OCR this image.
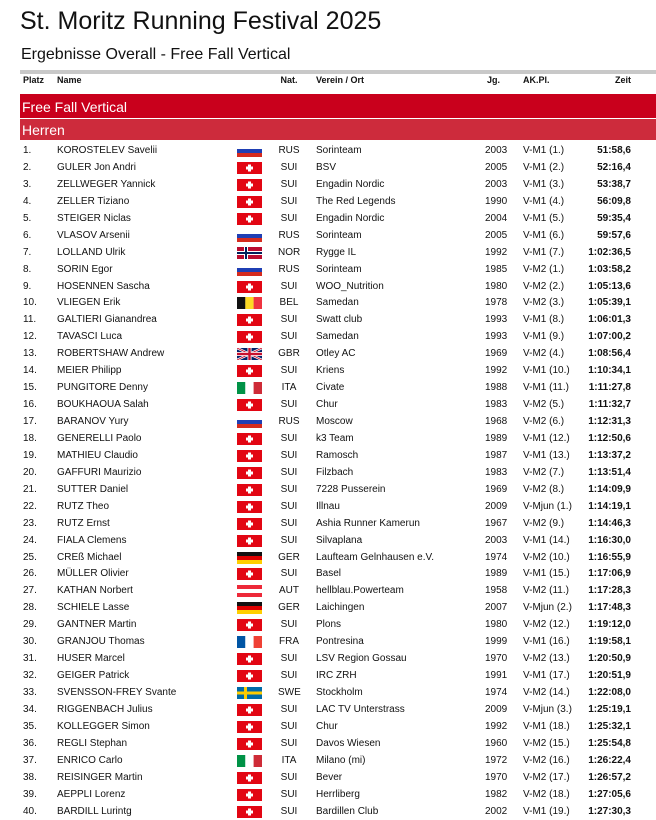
St. Moritz Running Festival 2025
Ergebnisse Overall - Free Fall Vertical
Platz Name	Nat. Verein / Ort	Jg.	AK.Pl.	Zeit
Free Fall Vertical
Herren
1.	KOROSTELEV Savelii	RUS Sorinteam	2003 V-M1 (1.)	51:58,6
2.	GULER Jon Andri	SUI BSV	2005 V-M1 (2.)	52:16,4
3.	ZELLWEGER Yannick	SUI Engadin Nordic	2003 V-M1 (3.)	53:38,7
4.	ZELLER Tiziano	SUI The Red Legends	1990 V-M1 (4.)	56:09,8
5.	STEIGER Niclas	SUI Engadin Nordic	2004 V-M1 (5.)	59:35,4
6.	VLASOV Arsenii	RUS Sorinteam	2005 V-M1 (6.)	59:57,6
7.	LOLLAND Ulrik	NOR Rygge IL	1992 V-M1 (7.) 1:02:36,5
8.	SORIN Egor	RUS Sorinteam	1985 V-M2 (1.) 1:03:58,2
9.	HOSENNEN Sascha	SUI WOO_Nutrition	1980 V-M2 (2.) 1:05:13,6
10. VLIEGEN Erik	BEL Samedan	1978 V-M2 (3.) 1:05:39,1
11. GALTIERI Gianandrea	SUI Swatt club	1993 V-M1 (8.) 1:06:01,3
12. TAVASCI Luca	SUI Samedan	1993 V-M1 (9.) 1:07:00,2
13. ROBERTSHAW Andrew	GBR Otley AC	1969 V-M2 (4.) 1:08:56,4
14. MEIER Philipp	SUI Kriens	1992 V-M1 (10.) 1:10:34,1
15. PUNGITORE Denny	ITA	Civate	1988 V-M1 (11.) 1:11:27,8
16. BOUKHAOUA Salah	SUI Chur	1983 V-M2 (5.) 1:11:32,7
17. BARANOV Yury	RUS Moscow	1968 V-M2 (6.) 1:12:31,3
18. GENERELLI Paolo	SUI k3 Team	1989 V-M1 (12.) 1:12:50,6
19. MATHIEU Claudio	SUI Ramosch	1987 V-M1 (13.) 1:13:37,2
20. GAFFURI Maurizio	SUI Filzbach	1983 V-M2 (7.) 1:13:51,4
21. SUTTER Daniel	SUI 7228 Pusserein	1969 V-M2 (8.) 1:14:09,9
22. RUTZ Theo	SUI Illnau	2009 V-Mjun (1.) 1:14:19,1
23. RUTZ Ernst	SUI Ashia Runner Kamerun	1967 V-M2 (9.) 1:14:46,3
24. FIALA Clemens	SUI Silvaplana	2003 V-M1 (14.) 1:16:30,0
25. CREß Michael	GER Laufteam Gelnhausen e.V.	1974 V-M2 (10.) 1:16:55,9
26. MÜLLER Olivier	SUI Basel	1989 V-M1 (15.) 1:17:06,9
27. KATHAN Norbert	AUT hellblau.Powerteam	1958 V-M2 (11.) 1:17:28,3
28. SCHIELE Lasse	GER Laichingen	2007 V-Mjun (2.) 1:17:48,3
29. GANTNER Martin	SUI Plons	1980 V-M2 (12.) 1:19:12,0
30. GRANJOU Thomas	FRA Pontresina	1999 V-M1 (16.) 1:19:58,1
31. HUSER Marcel	SUI LSV Region Gossau	1970 V-M2 (13.) 1:20:50,9
32. GEIGER Patrick	SUI IRC ZRH	1991 V-M1 (17.) 1:20:51,9
33. SVENSSON-FREY Svante	SWE Stockholm	1974 V-M2 (14.) 1:22:08,0
34. RIGGENBACH Julius	SUI LAC TV Unterstrass	2009 V-Mjun (3.) 1:25:19,1
35. KOLLEGGER Simon	SUI Chur	1992 V-M1 (18.) 1:25:32,1
36. REGLI Stephan	SUI Davos Wiesen	1960 V-M2 (15.) 1:25:54,8
37. ENRICO Carlo	ITA	Milano (mi)	1972 V-M2 (16.) 1:26:22,4
38. REISINGER Martin	SUI Bever	1970 V-M2 (17.) 1:26:57,2
39. AEPPLI Lorenz	SUI Herrliberg	1982 V-M2 (18.) 1:27:05,6
40. BARDILL Lurintg	SUI Bardillen Club	2002 V-M1 (19.) 1:27:30,3
